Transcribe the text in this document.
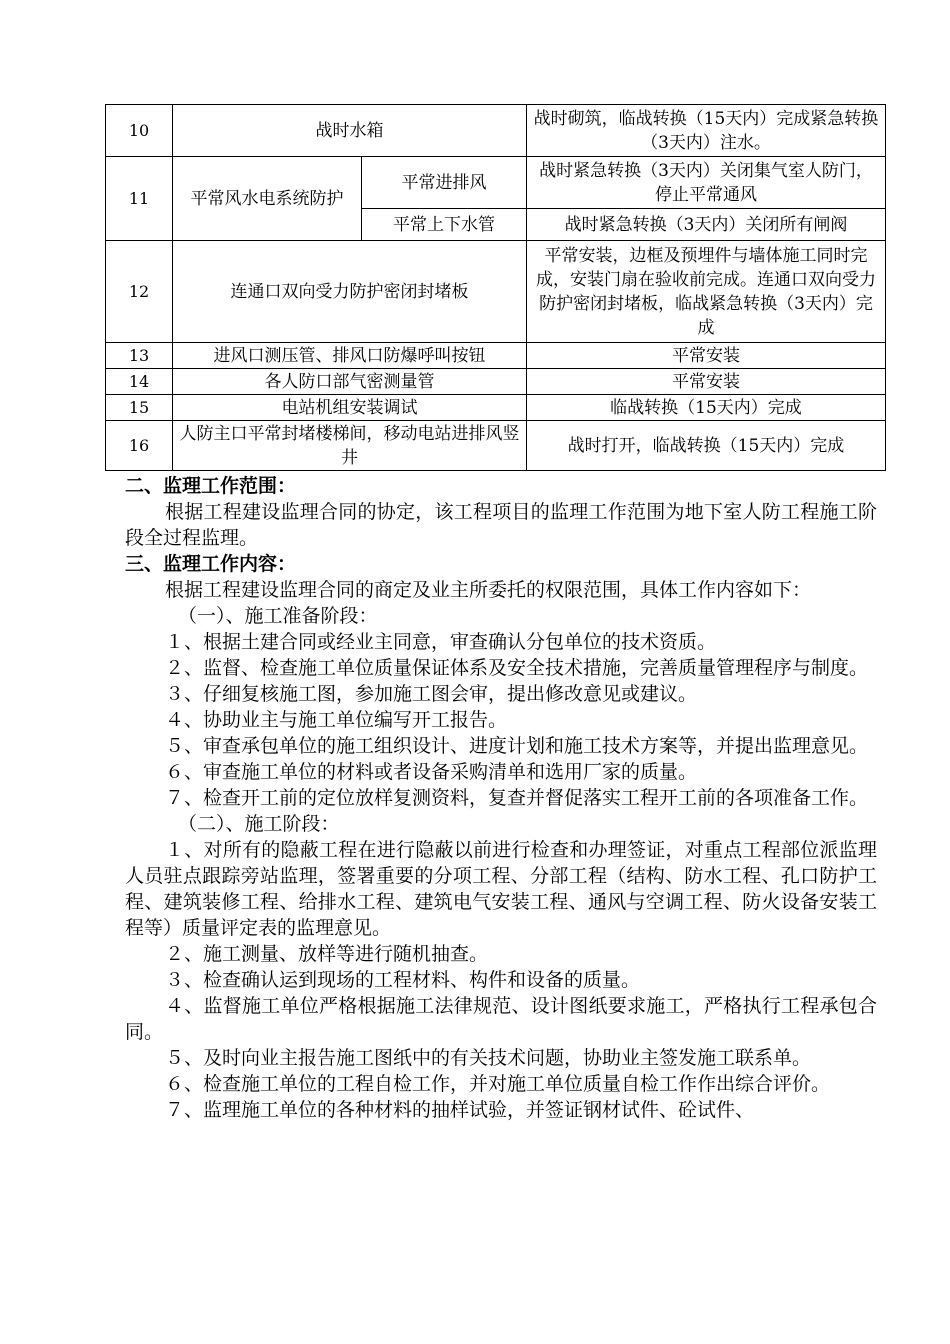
10	战时水箱		战时砌筑，临战转换（15天内）完成紧急转换（3天内）注水。
11	平常风水电系统防护	平常进排风	战时紧急转换（3天内）关闭集气室人防门，停止平常通风
		平常上下水管	战时紧急转换（3天内）关闭所有闸阀
12	连通口双向受力防护密闭封堵板		平常安装，边框及预埋件与墙体施工同时完成，安装门扇在验收前完成。连通口双向受力防护密闭封堵板，临战紧急转换（3天内）完成
13	进风口测压管、排风口防爆呼叫按钮		平常安装
14	各人防口部气密测量管		平常安装
15	电站机组安装调试		临战转换（15天内）完成
16	人防主口平常封堵楼梯间，移动电站进排风竖井		战时打开，临战转换（15天内）完成

二、监理工作范围：

根据工程建设监理合同的协定，该工程项目的监理工作范围为地下室人防工程施工阶段全过程监理。

三、监理工作内容：

根据工程建设监理合同的商定及业主所委托的权限范围，具体工作内容如下：

（一）、施工准备阶段：

１、根据土建合同或经业主同意，审查确认分包单位的技术资质。

２、监督、检查施工单位质量保证体系及安全技术措施，完善质量管理程序与制度。

３、仔细复核施工图，参加施工图会审，提出修改意见或建议。

４、协助业主与施工单位编写开工报告。

５、审查承包单位的施工组织设计、进度计划和施工技术方案等，并提出监理意见。

６、审查施工单位的材料或者设备采购清单和选用厂家的质量。

７、检查开工前的定位放样复测资料，复查并督促落实工程开工前的各项准备工作。

（二）、施工阶段：

１、对所有的隐蔽工程在进行隐蔽以前进行检查和办理签证，对重点工程部位派监理人员驻点跟踪旁站监理，签署重要的分项工程、分部工程（结构、防水工程、孔口防护工程、建筑装修工程、给排水工程、建筑电气安装工程、通风与空调工程、防火设备安装工程等）质量评定表的监理意见。

２、施工测量、放样等进行随机抽查。

３、检查确认运到现场的工程材料、构件和设备的质量。

４、监督施工单位严格根据施工法律规范、设计图纸要求施工，严格执行工程承包合同。

５、及时向业主报告施工图纸中的有关技术问题，协助业主签发施工联系单。

６、检查施工单位的工程自检工作，并对施工单位质量自检工作作出综合评价。

７、监理施工单位的各种材料的抽样试验，并签证钢材试件、砼试件、
